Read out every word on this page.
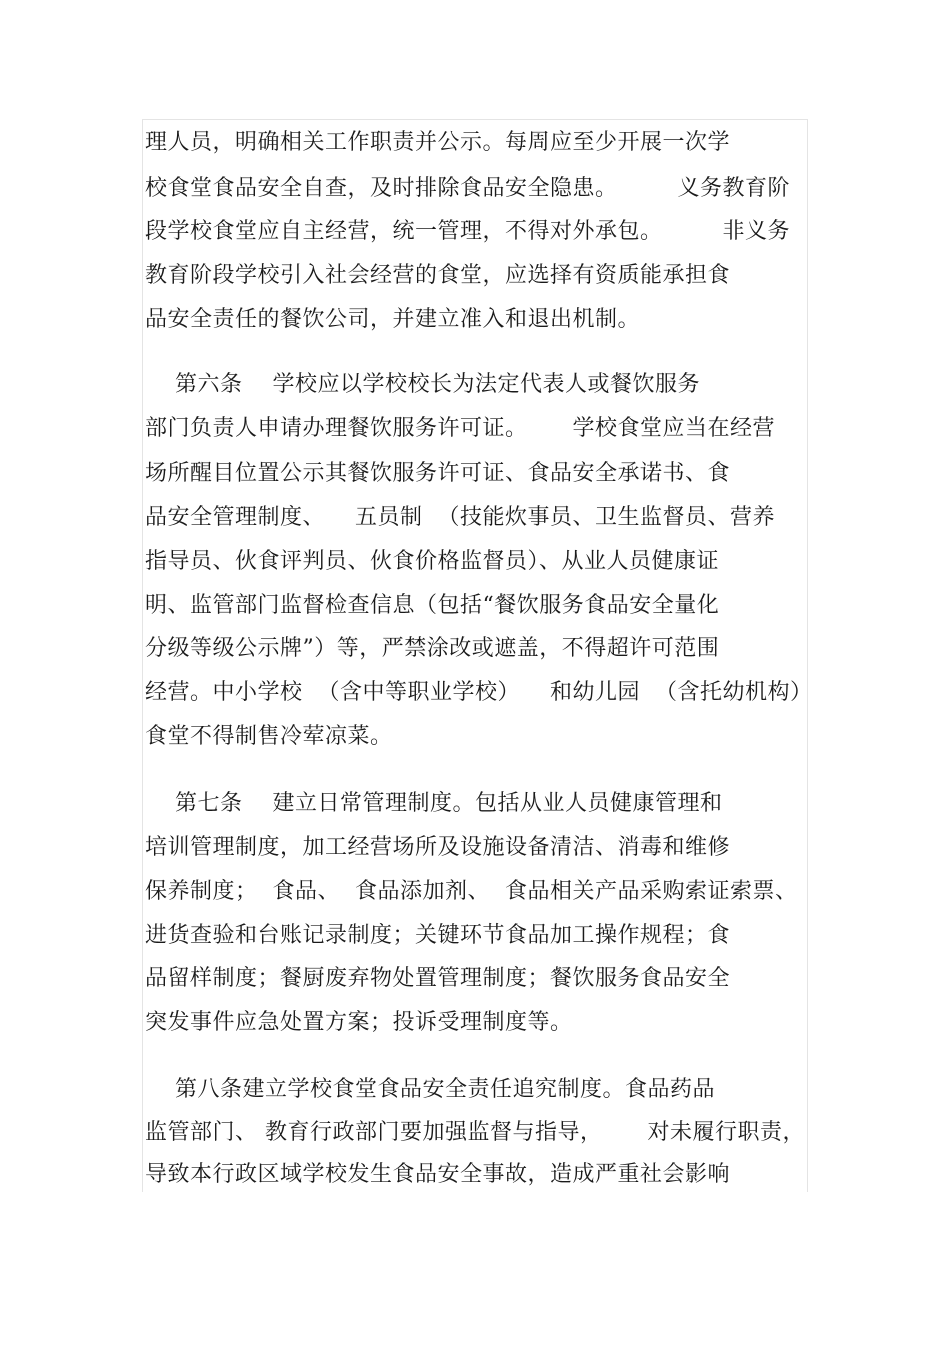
理人员，明确相关工作职责并公示。每周应至少开展一次学
校食堂食品安全自查，及时排除食品安全隐患。        义务教育阶
段学校食堂应自主经营，统一管理，不得对外承包。        非义务
教育阶段学校引入社会经营的食堂，应选择有资质能承担食
品安全责任的餐饮公司，并建立准入和退出机制。
第六条    学校应以学校校长为法定代表人或餐饮服务
部门负责人申请办理餐饮服务许可证。      学校食堂应当在经营
场所醒目位置公示其餐饮服务许可证、食品安全承诺书、食
品安全管理制度、    五员制  （技能炊事员、卫生监督员、营养
指导员、伙食评判员、伙食价格监督员）、从业人员健康证
明、监管部门监督检查信息（包括“餐饮服务食品安全量化
分级等级公示牌”）等，严禁涂改或遮盖，不得超许可范围
经营。中小学校  （含中等职业学校）    和幼儿园  （含托幼机构）
食堂不得制售冷荤凉菜。
第七条    建立日常管理制度。包括从业人员健康管理和
培训管理制度，加工经营场所及设施设备清洁、消毒和维修
保养制度；  食品、  食品添加剂、  食品相关产品采购索证索票、
进货查验和台账记录制度；关键环节食品加工操作规程；食
品留样制度；餐厨废弃物处置管理制度；餐饮服务食品安全
突发事件应急处置方案；投诉受理制度等。
第八条建立学校食堂食品安全责任追究制度。食品药品
监管部门、 教育行政部门要加强监督与指导，      对未履行职责，
导致本行政区域学校发生食品安全事故，造成严重社会影响
